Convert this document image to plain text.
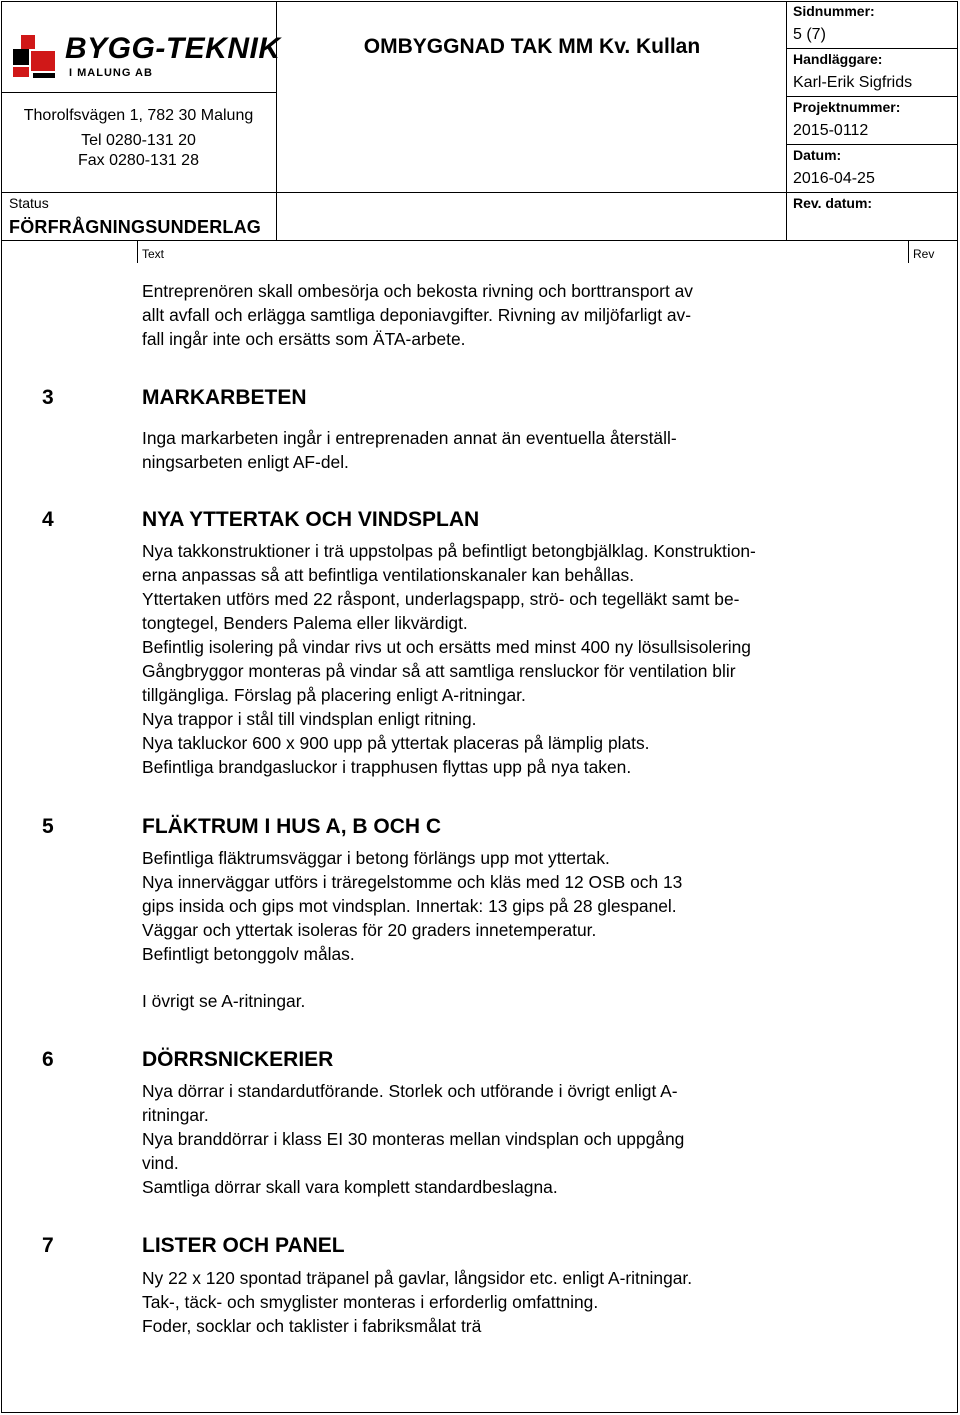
BYGG-TEKNIK
I MALUNG AB
Thorolfsvägen 1, 782 30 Malung
Tel 0280-131 20
Fax 0280-131 28
OMBYGGNAD TAK MM Kv. Kullan
Status
FÖRFRÅGNINGSUNDERLAG
Sidnummer:
5 (7)
Handläggare:
Karl-Erik Sigfrids
Projektnummer:
2015-0112
Datum:
2016-04-25
Rev. datum:
Text	Rev

Entreprenören skall ombesörja och bekosta rivning och borttransport av

allt avfall och erlägga samtliga deponiavgifter. Rivning av miljöfarligt av-

fall ingår inte och ersätts som ÄTA-arbete.

3	MARKARBETEN

Inga markarbeten ingår i entreprenaden annat än eventuella återställ-

ningsarbeten enligt AF-del.

4	NYA YTTERTAK OCH VINDSPLAN

Nya takkonstruktioner i trä uppstolpas på befintligt betongbjälklag. Konstruktion-

erna anpassas så att befintliga ventilationskanaler kan behållas.

Yttertaken utförs med 22 råspont, underlagspapp, strö- och tegelläkt samt be-

tongtegel, Benders Palema eller likvärdigt.

Befintlig isolering på vindar rivs ut och ersätts med minst 400 ny lösullsisolering

Gångbryggor monteras på vindar så att samtliga rensluckor för ventilation blir

tillgängliga. Förslag på placering enligt A-ritningar.

Nya trappor i stål till vindsplan enligt ritning.

Nya takluckor 600 x 900 upp på yttertak placeras på lämplig plats.

Befintliga brandgasluckor i trapphusen flyttas upp på nya taken.

5	FLÄKTRUM I HUS A, B OCH C

Befintliga fläktrumsväggar i betong förlängs upp mot yttertak.

Nya innerväggar utförs i träregelstomme och kläs med 12 OSB och 13

gips insida och gips mot vindsplan. Innertak: 13 gips på 28 glespanel.

Väggar och yttertak isoleras för 20 graders innetemperatur.

Befintligt betonggolv målas.

I övrigt se A-ritningar.
6	DÖRRSNICKERIER

Nya dörrar i standardutförande. Storlek och utförande i övrigt enligt A-

ritningar.

Nya branddörrar i klass EI 30 monteras mellan vindsplan och uppgång

vind.

Samtliga dörrar skall vara komplett standardbeslagna.

7	LISTER OCH PANEL

Ny 22 x 120 spontad träpanel på gavlar, långsidor etc. enligt A-ritningar.

Tak-, täck- och smyglister monteras i erforderlig omfattning.

Foder, socklar och taklister i fabriksmålat trä
